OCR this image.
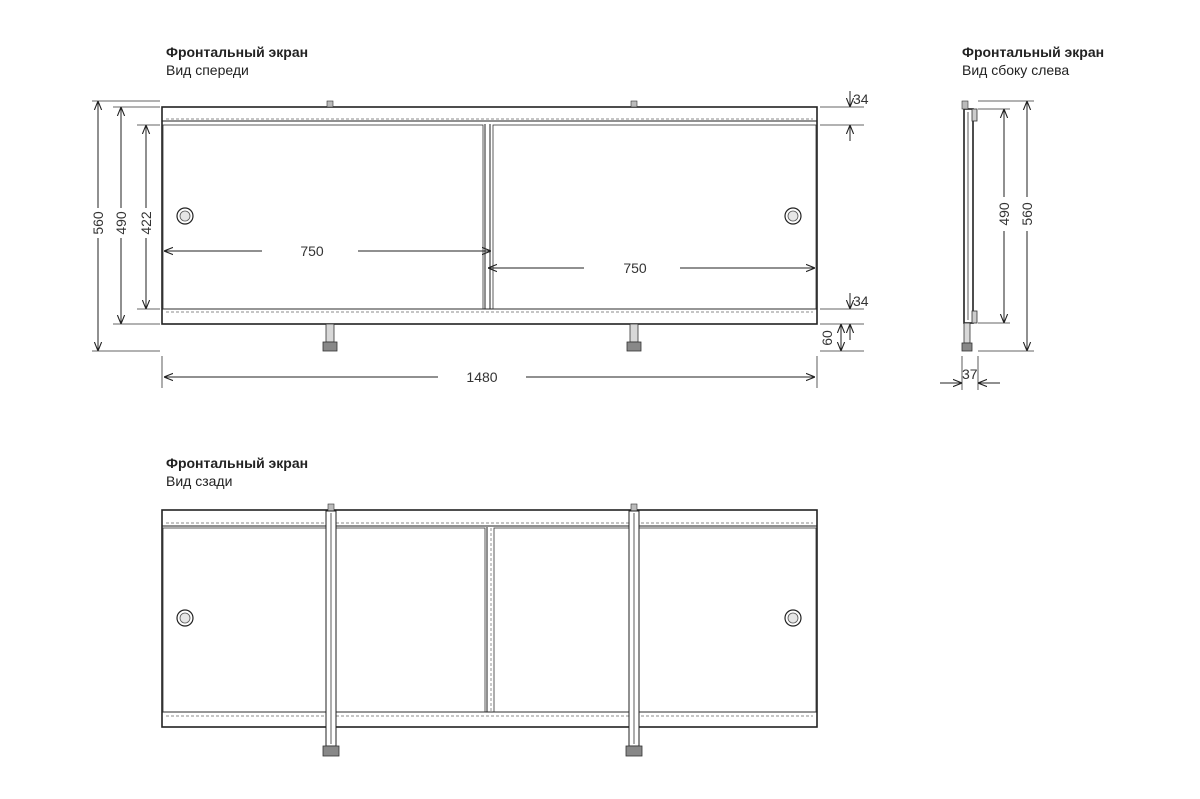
Фронтальный экран
Вид спереди
Фронтальный экран
Вид сбоку слева
Фронтальный экран
Вид сзади
560 490 422
750
750
1480
34
34
60
490 560
37
